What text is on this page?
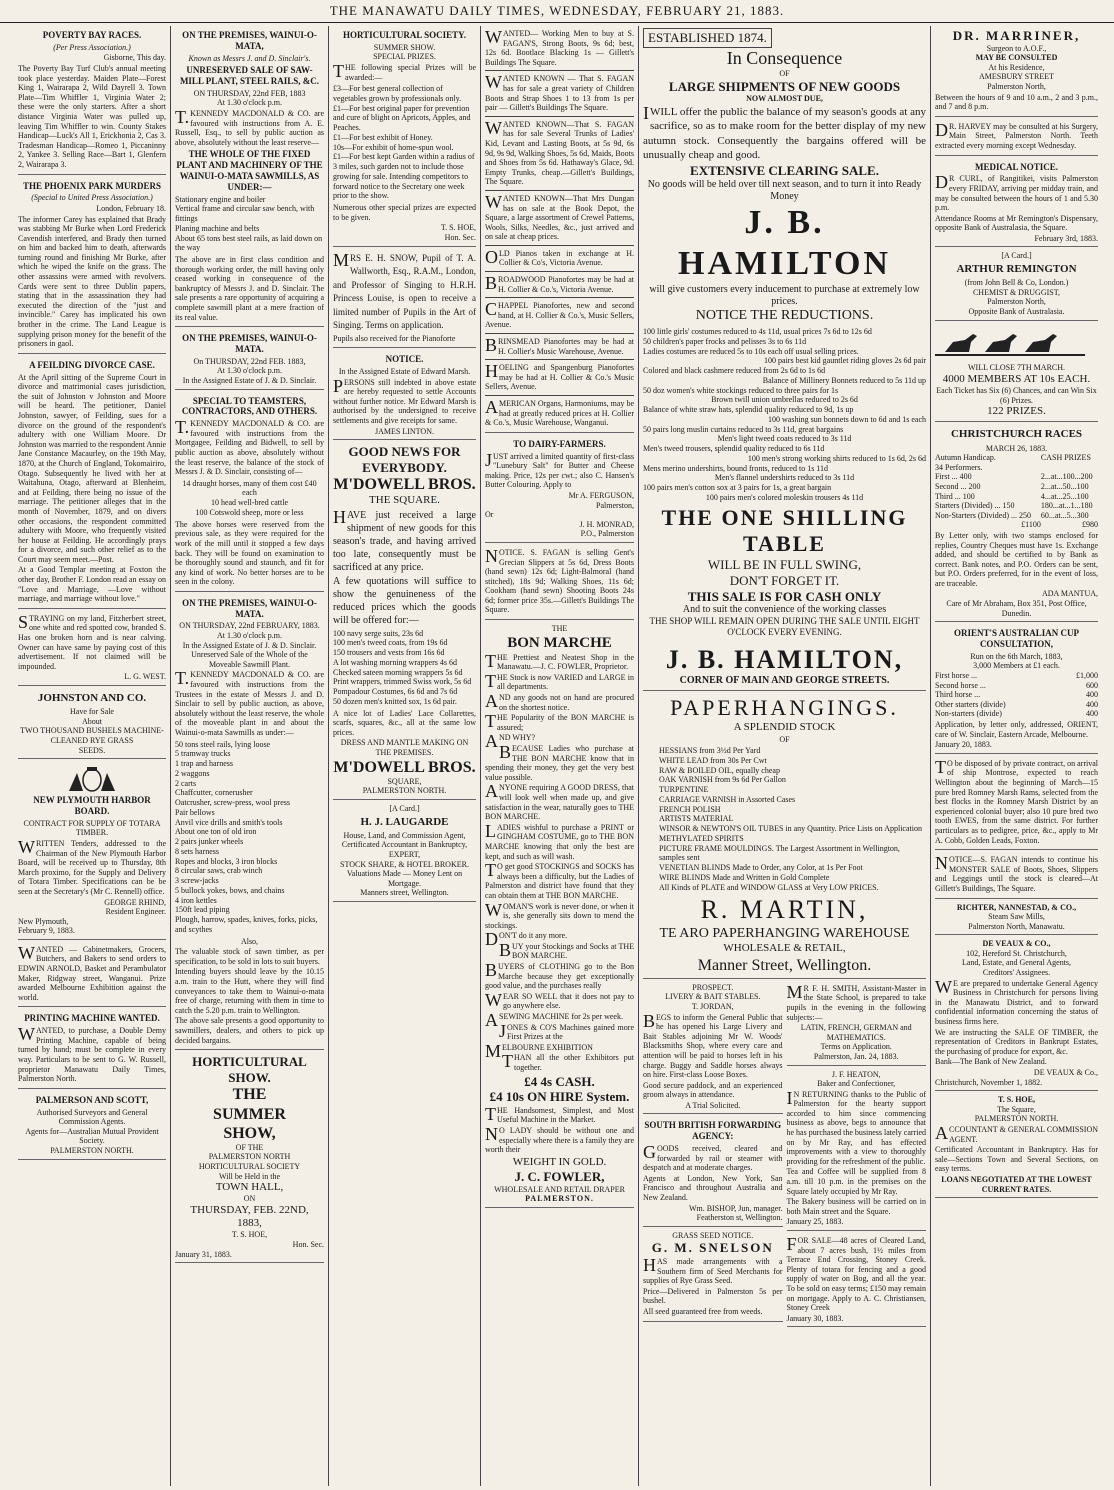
THE MANAWATU DAILY TIMES, WEDNESDAY, FEBRUARY 21, 1883.
POVERTY BAY RACES.
(Per Press Association.)
Gisborne, This day.
The Poverty Bay Turf Club's annual meeting took place yesterday. Maiden Plate—Forest King 1, Wairarapa 2, Wild Dayrell 3. Town Plate—Tim Whiffler 1, Virginia Water 2; these were the only starters. After a short distance Virginia Water was pulled up, leaving Tim Whiffler to win. County Stakes Handicap—Luck's All 1, Erickhonia 2, Cas 3. Tradesman Handicap—Romeo 1, Piccaninny 2, Yankee 3. Selling Race—Bart 1, Glenfern 2, Wairarapa 3.
THE PHOENIX PARK MURDERS
(Special to United Press Association.)
London, February 18.
The informer Carey has explained that Brady was stabbing Mr Burke when Lord Frederick Cavendish interfered, and Brady then turned on him and backed him to death, afterwards turning round and finishing Mr Burke, after which he wiped the knife on the grass. The other assassins were armed with revolvers. Cards were sent to three Dublin papers, stating that in the assassination they had executed the direction of the "just and invincible." Carey has implicated his own brother in the crime. The Land League is supplying prison money for the benefit of the prisoners in gaol.
A FEILDING DIVORCE CASE.
At the April sitting of the Supreme Court in divorce and matrimonial cases jurisdiction, the suit of Johnston v Johnston and Moore will be heard. The petitioner, Daniel Johnston, sawyer, of Feilding, sues for a divorce on the ground of the respondent's adultery with one William Moore. Dr Johnston was married to the respondent Annie Jane Constance Macaurley, on the 19th May, 1870, at the Church of England, Tokomairiro, Otago. Subsequently he lived with her at Waitahuna, Otago, afterward at Blenheim, and at Feilding, there being no issue of the marriage. The petitioner alleges that in the month of November, 1879, and on divers other occasions, the respondent committed adultery with Moore, who frequently visited her house at Feilding. He accordingly prays for a divorce, and such other relief as to the Court may seem meet.—Post.
At a Good Templar meeting at Foxton the other day, Brother F. London read an essay on "Love and Marriage, —Love without marriage, and marriage without love."
STRAYING on my land, Fitzherbert street, one white and red spotted cow, branded S. Has one broken horn and is near calving. Owner can have same by paying cost of this advertisement. If not claimed will be impounded.
L. G. WEST.
JOHNSTON AND CO.
Have for Sale
About
TWO THOUSAND BUSHELS MACHINE-CLEANED RYE GRASS
SEEDS.
NEW PLYMOUTH HARBOR BOARD.
CONTRACT FOR SUPPLY OF TOTARA TIMBER.
WRITTEN Tenders, addressed to the Chairman of the New Plymouth Harbor Board, will be received up to Thursday, 8th March proximo, for the Supply and Delivery of Totara Timber. Specifications can be be seen at the Secretary's (Mr C. Rennell) office.
GEORGE RHIND,
Resident Engineer.
New Plymouth,
February 9, 1883.
WANTED — Cabinetmakers, Grocers, Butchers, and Bakers to send orders to EDWIN ARNOLD, Basket and Perambulator Maker, Ridgway street, Wanganui. Prize awarded Melbourne Exhibition against the world.
PRINTING MACHINE WANTED.
WANTED, to purchase, a Double Demy Printing Machine, capable of being turned by hand; must be complete in every way. Particulars to be sent to G. W. Russell, proprietor Manawatu Daily Times, Palmerston North.
PALMERSON AND SCOTT,
Authorised Surveyors and General Commission Agents.
Agents for—Australian Mutual Provident Society.
PALMERSTON NORTH.
ON THE PREMISES, WAINUI-O-MATA,
Known as Messrs J. and D. Sinclair's.
UNRESERVED SALE OF SAW-MILL PLANT, STEEL RAILS, &C.
ON THURSDAY, 22nd FEB, 1883
At 1.30 o'clock p.m.
T.KENNEDY MACDONALD & CO. are favoured with instructions from A. E. Russell, Esq., to sell by public auction as above, absolutely without the least reserve—
THE WHOLE OF THE FIXED PLANT AND MACHINERY OF THE WAINUI-O-MATA SAWMILLS, AS UNDER:—
Stationary engine and boiler
Vertical frame and circular saw bench, with fittings
Planing machine and belts
About 65 tons best steel rails, as laid down on the way
The above are in first class condition and thorough working order, the mill having only ceased working in consequence of the bankruptcy of Messrs J. and D. Sinclair. The sale presents a rare opportunity of acquiring a complete sawmill plant at a mere fraction of its real value.
ON THE PREMISES, WAINUI-O-MATA.
On THURSDAY, 22nd FEB. 1883,
At 1.30 o'clock p.m.
In the Assigned Estate of J. & D. Sinclair.
SPECIAL TO TEAMSTERS, CONTRACTORS, AND OTHERS.
T.KENNEDY MACDONALD & CO. are favoured with instructions from the Mortgagee, Feilding and Bidwell, to sell by public auction as above, absolutely without the least reserve, the balance of the stock of Messrs J. & D. Sinclair, consisting of—
14 draught horses, many of them cost £40 each
10 head well-bred cattle
100 Cotswold sheep, more or less
The above horses were reserved from the previous sale, as they were required for the work of the mill until it stopped a few days back. They will be found on examination to be thoroughly sound and staunch, and fit for any kind of work. No better horses are to be seen in the colony.
ON THE PREMISES, WAINUI-O-MATA.
ON THURSDAY, 22nd FEBRUARY, 1883. At 1.30 o'clock p.m.
In the Assigned Estate of J. & D. Sinclair.
Unreserved Sale of the Whole of the Moveable Sawmill Plant.
T.KENNEDY MACDONALD & CO. are favoured with instructions from the Trustees in the estate of Messrs J. and D. Sinclair to sell by public auction, as above, absolutely without the least reserve, the whole of the moveable plant in and about the Wainui-o-mata Sawmills as under:—
50 tons steel rails, lying loose
5 tramway trucks
1 trap and harness
2 waggons
2 carts
Chaffcutter, cornerusher
Oatcrusher, screw-press, wool press
Pair bellows
Anvil vice drills and smith's tools
About one ton of old iron
2 pairs junker wheels
8 sets harness
Ropes and blocks, 3 iron blocks
8 circular saws, crab winch
3 screw-jacks
5 bullock yokes, bows, and chains
4 iron kettles
150ft lead piping
Plough, harrow, spades, knives, forks, picks, and scythes
Also,
The valuable stock of sawn timber, as per specification, to be sold in lots to suit buyers.
Intending buyers should leave by the 10.15 a.m. train to the Hutt, where they will find conveyances to take them to Wainui-o-mata free of charge, returning with them in time to catch the 5.20 p.m. train to Wellington.
The above sale presents a good opportunity to sawmillers, dealers, and others to pick up decided bargains.
HORTICULTURAL SHOW.
THE
SUMMER
SHOW,
OF THE
PALMERSTON NORTH HORTICULTURAL SOCIETY
Will be Held in the
TOWN HALL,
ON
THURSDAY, FEB. 22ND,
1883,
T. S. HOE,
Hon. Sec.
January 31, 1883.
HORTICULTURAL SOCIETY.
SUMMER SHOW.
SPECIAL PRIZES.
THE following special Prizes will be awarded:—
£3—For best general collection of vegetables grown by professionals only.
£1—For best original paper for prevention and cure of blight on Apricots, Apples, and Peaches.
£1—For best exhibit of Honey.
10s—For exhibit of home-spun wool.
£1—For best kept Garden within a radius of 3 miles, such garden not to include those growing for sale. Intending competitors to forward notice to the Secretary one week prior to the show.
Numerous other special prizes are expected to be given.
T. S. HOE,
Hon. Sec.
MRS E. H. SNOW, Pupil of T. A. Wallworth, Esq., R.A.M., London, and Professor of Singing to H.R.H. Princess Louise, is open to receive a limited number of Pupils in the Art of Singing. Terms on application.
Pupils also received for the Pianoforte
NOTICE.
In the Assigned Estate of Edward Marsh.
PERSONS still indebted in above estate are hereby requested to settle Accounts without further notice. Mr Edward Marsh is authorised by the undersigned to receive settlements and give receipts for same.
JAMES LINTON.
GOOD NEWS FOR EVERYBODY.
M'DOWELL BROS.
THE SQUARE.
HAVE just received a large shipment of new goods for this season's trade, and having arrived too late, consequently must be sacrificed at any price.
A few quotations will suffice to show the genuineness of the reduced prices which the goods will be offered for:—
100 navy serge suits, 23s 6d
100 men's tweed coats, from 19s 6d
150 trousers and vests from 16s 6d
A lot washing morning wrappers 4s 6d
Checked sateen morning wrappers 5s 6d
Print wrappers, trimmed Swiss work, 5s 6d
Pompadour Costumes, 6s 6d and 7s 6d
50 dozen men's knitted sox, 1s 6d pair.
A nice lot of Ladies' Lace Collarettes, scarfs, squares, &c., all at the same low prices.
DRESS AND MANTLE MAKING ON THE PREMISES.
M'DOWELL BROS.
SQUARE,
PALMERSTON NORTH.
[A Card.]
H. J. LAUGARDE
House, Land, and Commission Agent,
Certificated Accountant in Bankruptcy,
EXPERT,
STOCK SHARE, & HOTEL BROKER.
Valuations Made — Money Lent on Mortgage.
Manners street, Wellington.
WANTED— Working Men to buy at S. FAGAN'S, Strong Boots, 9s 6d; best, 12s 6d. Bootlace Blacking 1s — Gillett's Buildings The Square.
WANTED KNOWN — That S. FAGAN has for sale a great variety of Children Boots and Strap Shoes 1 to 13 from 1s per pair — Gillett's Buildings The Square.
WANTED KNOWN—That S. FAGAN has for sale Several Trunks of Ladies' Kid, Levant and Lasting Boots, at 5s 9d, 6s 9d, 9s 9d, Walking Shoes, 5s 6d, Maids, Boots and Shoes from 5s 6d. Hathaway's Glace, 9d. Empty Trunks, cheap.—Gillett's Buildings, The Square.
WANTED KNOWN—That Mrs Dungan has on sale at the Book Depot, the Square, a large assortment of Crewel Patterns, Wools, Silks, Needles, &c., just arrived and on sale at cheap prices.
OLD Pianos taken in exchange at H. Collier & Co's, Victoria Avenue.
BROADWOOD Pianofortes may be had at H. Collier & Co.'s, Victoria Avenue.
CHAPPEL Pianofortes, new and second hand, at H. Collier & Co.'s, Music Sellers, Avenue.
BRINSMEAD Pianofortes may be had at H. Collier's Music Warehouse, Avenue.
HOELING and Spangenburg Pianofortes may be had at H. Collier & Co.'s Music Sellers, Avenue.
AMERICAN Organs, Harmoniums, may be had at greatly reduced prices at H. Collier & Co.'s, Music Warehouse, Wanganui.
TO DAIRY-FARMERS.
JUST arrived a limited quantity of first-class "Lunebury Salt" for Butter and Cheese making. Price, 12s per cwt.; also C. Hansen's Butter Colouring. Apply to
Mr A. FERGUSON,
Palmerston,
Or
J. H. MONRAD,
P.O., Palmerston
NOTICE. S. FAGAN is selling Gent's Grecian Slippers at 5s 6d, Dress Boots (hand sewn) 12s 6d; Light-Balmoral (hand stitched), 18s 9d; Walking Shoes, 11s 6d; Cookham (hand sewn) Shooting Boots 24s 6d; former price 35s.—Gillett's Buildings The Square.
THE
BON MARCHE
THE Prettiest and Neatest Shop in the Manawatu.—J. C. FOWLER, Proprietor.
THE Stock is now VARIED and LARGE in all departments.
AND any goods not on hand are procured on the shortest notice.
THE Popularity of the BON MARCHE is assured;
AND WHY?
BECAUSE Ladies who purchase at THE BON MARCHE know that in spending their money, they get the very best value possible.
ANYONE requiring A GOOD DRESS, that will look well when made up, and give satisfaction in the wear, naturally goes to THE BON MARCHE.
LADIES wishful to purchase a PRINT or GINGHAM COSTUME, go to THE BON MARCHE knowing that only the best are kept, and such as will wash.
TO get good STOCKINGS and SOCKS has always been a difficulty, but the Ladies of Palmerston and district have found that they can obtain them at THE BON MARCHE.
WOMAN'S work is never done, or when it is, she generally sits down to mend the stockings.
DON'T do it any more.
BUY your Stockings and Socks at THE BON MARCHE.
BUYERS of CLOTHING go to the Bon Marche because they get exceptionally good value, and the purchases really
WEAR SO WELL that it does not pay to go anywhere else.
ASEWING MACHINE for 2s per week.
JONES & CO'S Machines gained more First Prizes at the
MELBOURNE EXHIBITION
THAN all the other Exhibitors put together.
£4 4s CASH.
£4 10s ON HIRE System.
THE Handsomest, Simplest, and Most Useful Machine in the Market.
NO LADY should be without one and especially where there is a family they are worth their
WEIGHT IN GOLD.
J. C. FOWLER,
WHOLESALE AND RETAIL DRAPER
PALMERSTON.
ESTABLISHED 1874.
In Consequence
OF
LARGE SHIPMENTS OF NEW GOODS
NOW ALMOST DUE,
IWILL offer the public the balance of my season's goods at any sacrifice, so as to make room for the better display of my new autumn stock. Consequently the bargains offered will be unusually cheap and good.
EXTENSIVE CLEARING SALE.
No goods will be held over till next season, and to turn it into Ready Money
J. B. HAMILTON
will give customers every inducement to purchase at extremely low prices.
NOTICE THE REDUCTIONS.
100 little girls' costumes reduced to 4s 11d, usual prices 7s 6d to 12s 6d
50 children's paper frocks and pelisses 3s to 6s 11d
Ladies costumes are reduced 5s to 10s each off usual selling prices.
100 pairs best kid gauntlet riding gloves 2s 6d pair
Colored and black cashmere reduced from 2s 6d to 1s 6d
Balance of Millinery Bonnets reduced to 5s 11d up
50 doz women's white stockings reduced to three pairs for 1s
Brown twill union umbrellas reduced to 2s 6d
Balance of white straw hats, splendid quality reduced to 9d, 1s up
100 washing sun bonnets down to 6d and 1s each
50 pairs long muslin curtains reduced to 3s 11d, great bargains
Men's light tweed coats reduced to 3s 11d
Men's tweed trousers, splendid quality reduced to 6s 11d
100 men's strong working shirts reduced to 1s 6d, 2s 6d
Mens merino undershirts, bound fronts, reduced to 1s 11d
Men's flannel undershirts reduced to 3s 11d
100 pairs men's cotton sox at 3 pairs for 1s, a great bargain
100 pairs men's colored moleskin trousers 4s 11d
THE ONE SHILLING TABLE
WILL BE IN FULL SWING,
DON'T FORGET IT.
THIS SALE IS FOR CASH ONLY
And to suit the convenience of the working classes
THE SHOP WILL REMAIN OPEN DURING THE SALE UNTIL EIGHT O'CLOCK EVERY EVENING.
J. B. HAMILTON,
CORNER OF MAIN AND GEORGE STREETS.
PAPERHANGINGS.
A SPLENDID STOCK
OF
HESSIANS from 3½d Per Yard
WHITE LEAD from 30s Per Cwt
RAW & BOILED OIL, equally cheap
OAK VARNISH from 9s 6d Per Gallon
TURPENTINE
CARRIAGE VARNISH in Assorted Cases
FRENCH POLISH
ARTISTS MATERIAL
WINSOR & NEWTON'S OIL TUBES in any Quantity. Price Lists on Application
METHYLATED SPIRITS
PICTURE FRAME MOULDINGS. The Largest Assortment in Wellington, samples sent
VENETIAN BLINDS Made to Order, any Color, at 1s Per Foot
WIRE BLINDS Made and Written in Gold Complete
All Kinds of PLATE and WINDOW GLASS at Very LOW PRICES.
R. MARTIN,
TE ARO PAPERHANGING WAREHOUSE
WHOLESALE & RETAIL,
Manner Street, Wellington.
PROSPECT.
LIVERY & BAIT STABLES.
T. JORDAN,
BEGS to inform the General Public that he has opened his Large Livery and Bait Stables adjoining Mr W. Woods' Blacksmiths Shop, where every care and attention will be paid to horses left in his charge. Buggy and Saddle horses always on hire. First-class Loose Boxes.
Good secure paddock, and an experienced groom always in attendance.
A Trial Solicited.
SOUTH BRITISH FORWARDING AGENCY:
GOODS received, cleared and forwarded by rail or steamer with despatch and at moderate charges.
Agents at London, New York, San Francisco and throughout Australia and New Zealand.
Wm. BISHOP, Jun, manager.
Featherston st, Wellington.
GRASS SEED NOTICE.
G. M. SNELSON
HAS made arrangements with a Southern firm of Seed Merchants for supplies of Rye Grass Seed.
Price—Delivered in Palmerston 5s per bushel.
All seed guaranteed free from weeds.
MR F. H. SMITH, Assistant-Master in the State School, is prepared to take pupils in the evening in the following subjects:—
LATIN, FRENCH, GERMAN and MATHEMATICS.
Terms on Application.
Palmerston, Jan. 24, 1883.
J. F. HEATON,
Baker and Confectioner,
IN RETURNING thanks to the Public of Palmerston for the hearty support accorded to him since commencing business as above, begs to announce that he has purchased the business lately carried on by Mr Ray, and has effected improvements with a view to thoroughly providing for the refreshment of the public.
Tea and Coffee will be supplied from 8 a.m. till 10 p.m. in the premises on the Square lately occupied by Mr Ray.
The Bakery business will be carried on in both Main street and the Square.
January 25, 1883.
FOR SALE—48 acres of Cleared Land, about 7 acres bush, 1½ miles from Terrace End Crossing, Stoney Creek. Plenty of totara for fencing and a good supply of water on Bog, and all the year. To be sold on easy terms; £150 may remain on mortgage. Apply to A. C. Christiansen, Stoney Creek
January 30, 1883.
DR. MARRINER,
Surgeon to A.O.F.,
MAY BE CONSULTED
At his Residence,
AMESBURY STREET
Palmerston North,
Between the hours of 9 and 10 a.m., 2 and 3 p.m., and 7 and 8 p.m.
DR. HARVEY may be consulted at his Surgery, Main Street, Palmerston North. Teeth extracted every morning except Wednesday.
MEDICAL NOTICE.
DR CURL, of Rangitikei, visits Palmerston every FRIDAY, arriving per midday train, and may be consulted between the hours of 1 and 5.30 p.m.
Attendance Rooms at Mr Remington's Dispensary, opposite Bank of Australasia, the Square.
February 3rd, 1883.
[A Card.]
ARTHUR REMINGTON
(from John Bell & Co, London.)
CHEMIST & DRUGGIST,
Palmerston North,
Opposite Bank of Australasia.
WILL CLOSE 7TH MARCH.
4000 MEMBERS AT 10s EACH.
Each Ticket has Six (6) Chances, and can Win Six (6) Prizes.
122 PRIZES.
CHRISTCHURCH RACES
MARCH 26, 1883.
Autumn Handicap.	CASH PRIZES
34 Performers.	
First ... 400	2...at...100...200
Second ... 200	2...at...50...100
Third ... 100	4...at...25...100
Starters (Divided) ... 150	180...at...1...180
Non-Starters (Divided) ... 250	60...at...5...300
£1100	£980
By Letter only, with two stamps enclosed for replies, Country Cheques must have 1s. Exchange added, and should be certified to by Bank as correct. Bank notes, and P.O. Orders can be sent, but P.O. Orders preferred, for in the event of loss, are traceable.
ADA MANTUA,
Care of Mr Abraham, Box 351, Post Office, Dunedin.
ORIENT'S AUSTRALIAN CUP CONSULTATION,
Run on the 6th March, 1883,
3,000 Members at £1 each.
First horse ...	£1,000
Second horse ...	600
Third horse ...	400
Other starters (divide)	400
Non-starters (divide)	400
Application, by letter only, addressed, ORIENT, care of W. Sinclair, Eastern Arcade, Melbourne.
January 20, 1883.
TO be disposed of by private contract, on arrival of ship Montrose, expected to reach Wellington about the beginning of March—15 pure bred Romney Marsh Rams, selected from the best flocks in the Romney Marsh District by an experienced colonial buyer; also 10 pure bred two tooth EWES, from the same district. For further particulars as to pedigree, price, &c., apply to Mr A. Cobb, Golden Leads, Foxton.
NOTICE—S. FAGAN intends to continue his MONSTER SALE of Boots, Shoes, Slippers and Leggings until the stock is cleared—At Gillett's Buildings, The Square.
RICHTER, NANNESTAD, & CO.,
Steam Saw Mills,
Palmerston North, Manawatu.
DE VEAUX & CO.,
102, Hereford St. Christchurch,
Land, Estate, and General Agents,
Creditors' Assignees.
WE are prepared to undertake General Agency Business in Christchurch for persons living in the Manawatu District, and to forward confidential information concerning the status of business firms here.
We are instructing the SALE OF TIMBER, the representation of Creditors in Bankrupt Estates, the purchasing of produce for export, &c.
Bank—The Bank of New Zealand.
DE VEAUX & Co.,
Christchurch, November 1, 1882.
T. S. HOE,
The Square,
PALMERSTON NORTH.
ACCOUNTANT & GENERAL COMMISSION AGENT.
Certificated Accountant in Bankruptcy. Has for sale—Sections Town and Several Sections, on easy terms.
LOANS NEGOTIATED AT THE LOWEST CURRENT RATES.
